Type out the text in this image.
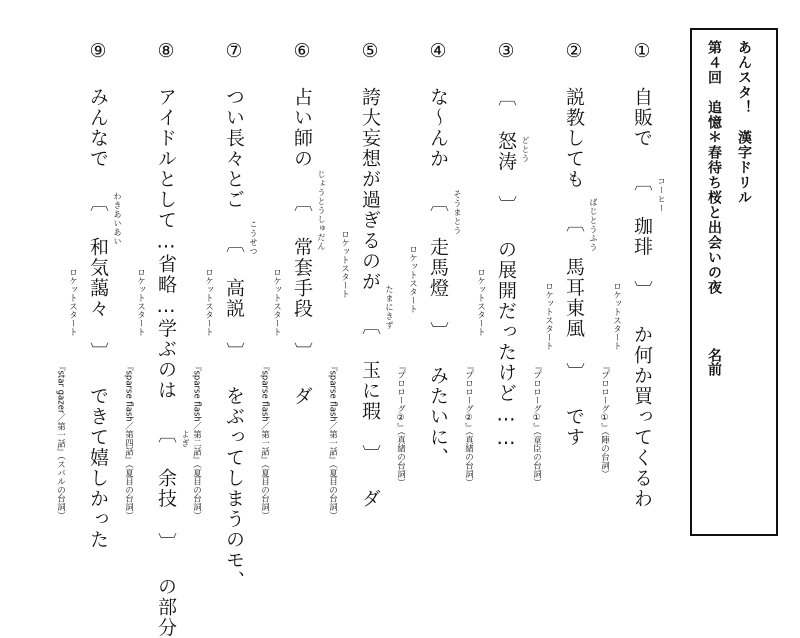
あんスタ！　漢字ドリル
第４回　追憶＊春待ち桜と出会いの夜
名前
① 自販で 〔 珈琲 〕 か何か買ってくるわ
コーヒー
ロケットスタート
『プロローグ①』（陣の台詞）
② 説教しても 〔 馬耳東風 〕 です
ばじとうふう
ロケットスタート
『プロローグ①』（章臣の台詞）
③ 〔 怒涛 〕 の展開だったけど……
どとう
ロケットスタート
『プロローグ②』（真緒の台詞）
④ な～んか 〔 走馬燈 〕 みたいに、
そうまとう
ロケットスタート
『プロローグ②』（真緒の台詞）
⑤ 誇大妄想が過ぎるのが 〔 玉に瑕 〕 ダ
たまにきず
ロケットスタート
『sparse flash／第一話』（夏目の台詞）
⑥ 占い師の 〔 常套手段 〕 ダ
じょうとうしゅだん
ロケットスタート
『sparse flash／第一話』（夏目の台詞）
⑦ つい長々とご 〔 高説 〕 をぶってしまうのモ、
こうせつ
ロケットスタート
『sparse flash／第二話』（夏目の台詞）
⑧ アイドルとして…省略…学ぶのは 〔 余技 〕 の部分
よぎ
ロケットスタート
『sparse flash／第四話』（夏目の台詞）
⑨ みんなで 〔 和気藹々 〕 できて嬉しかった
わきあいあい
ロケットスタート
『star gazer／第一話』（スバルの台詞）
